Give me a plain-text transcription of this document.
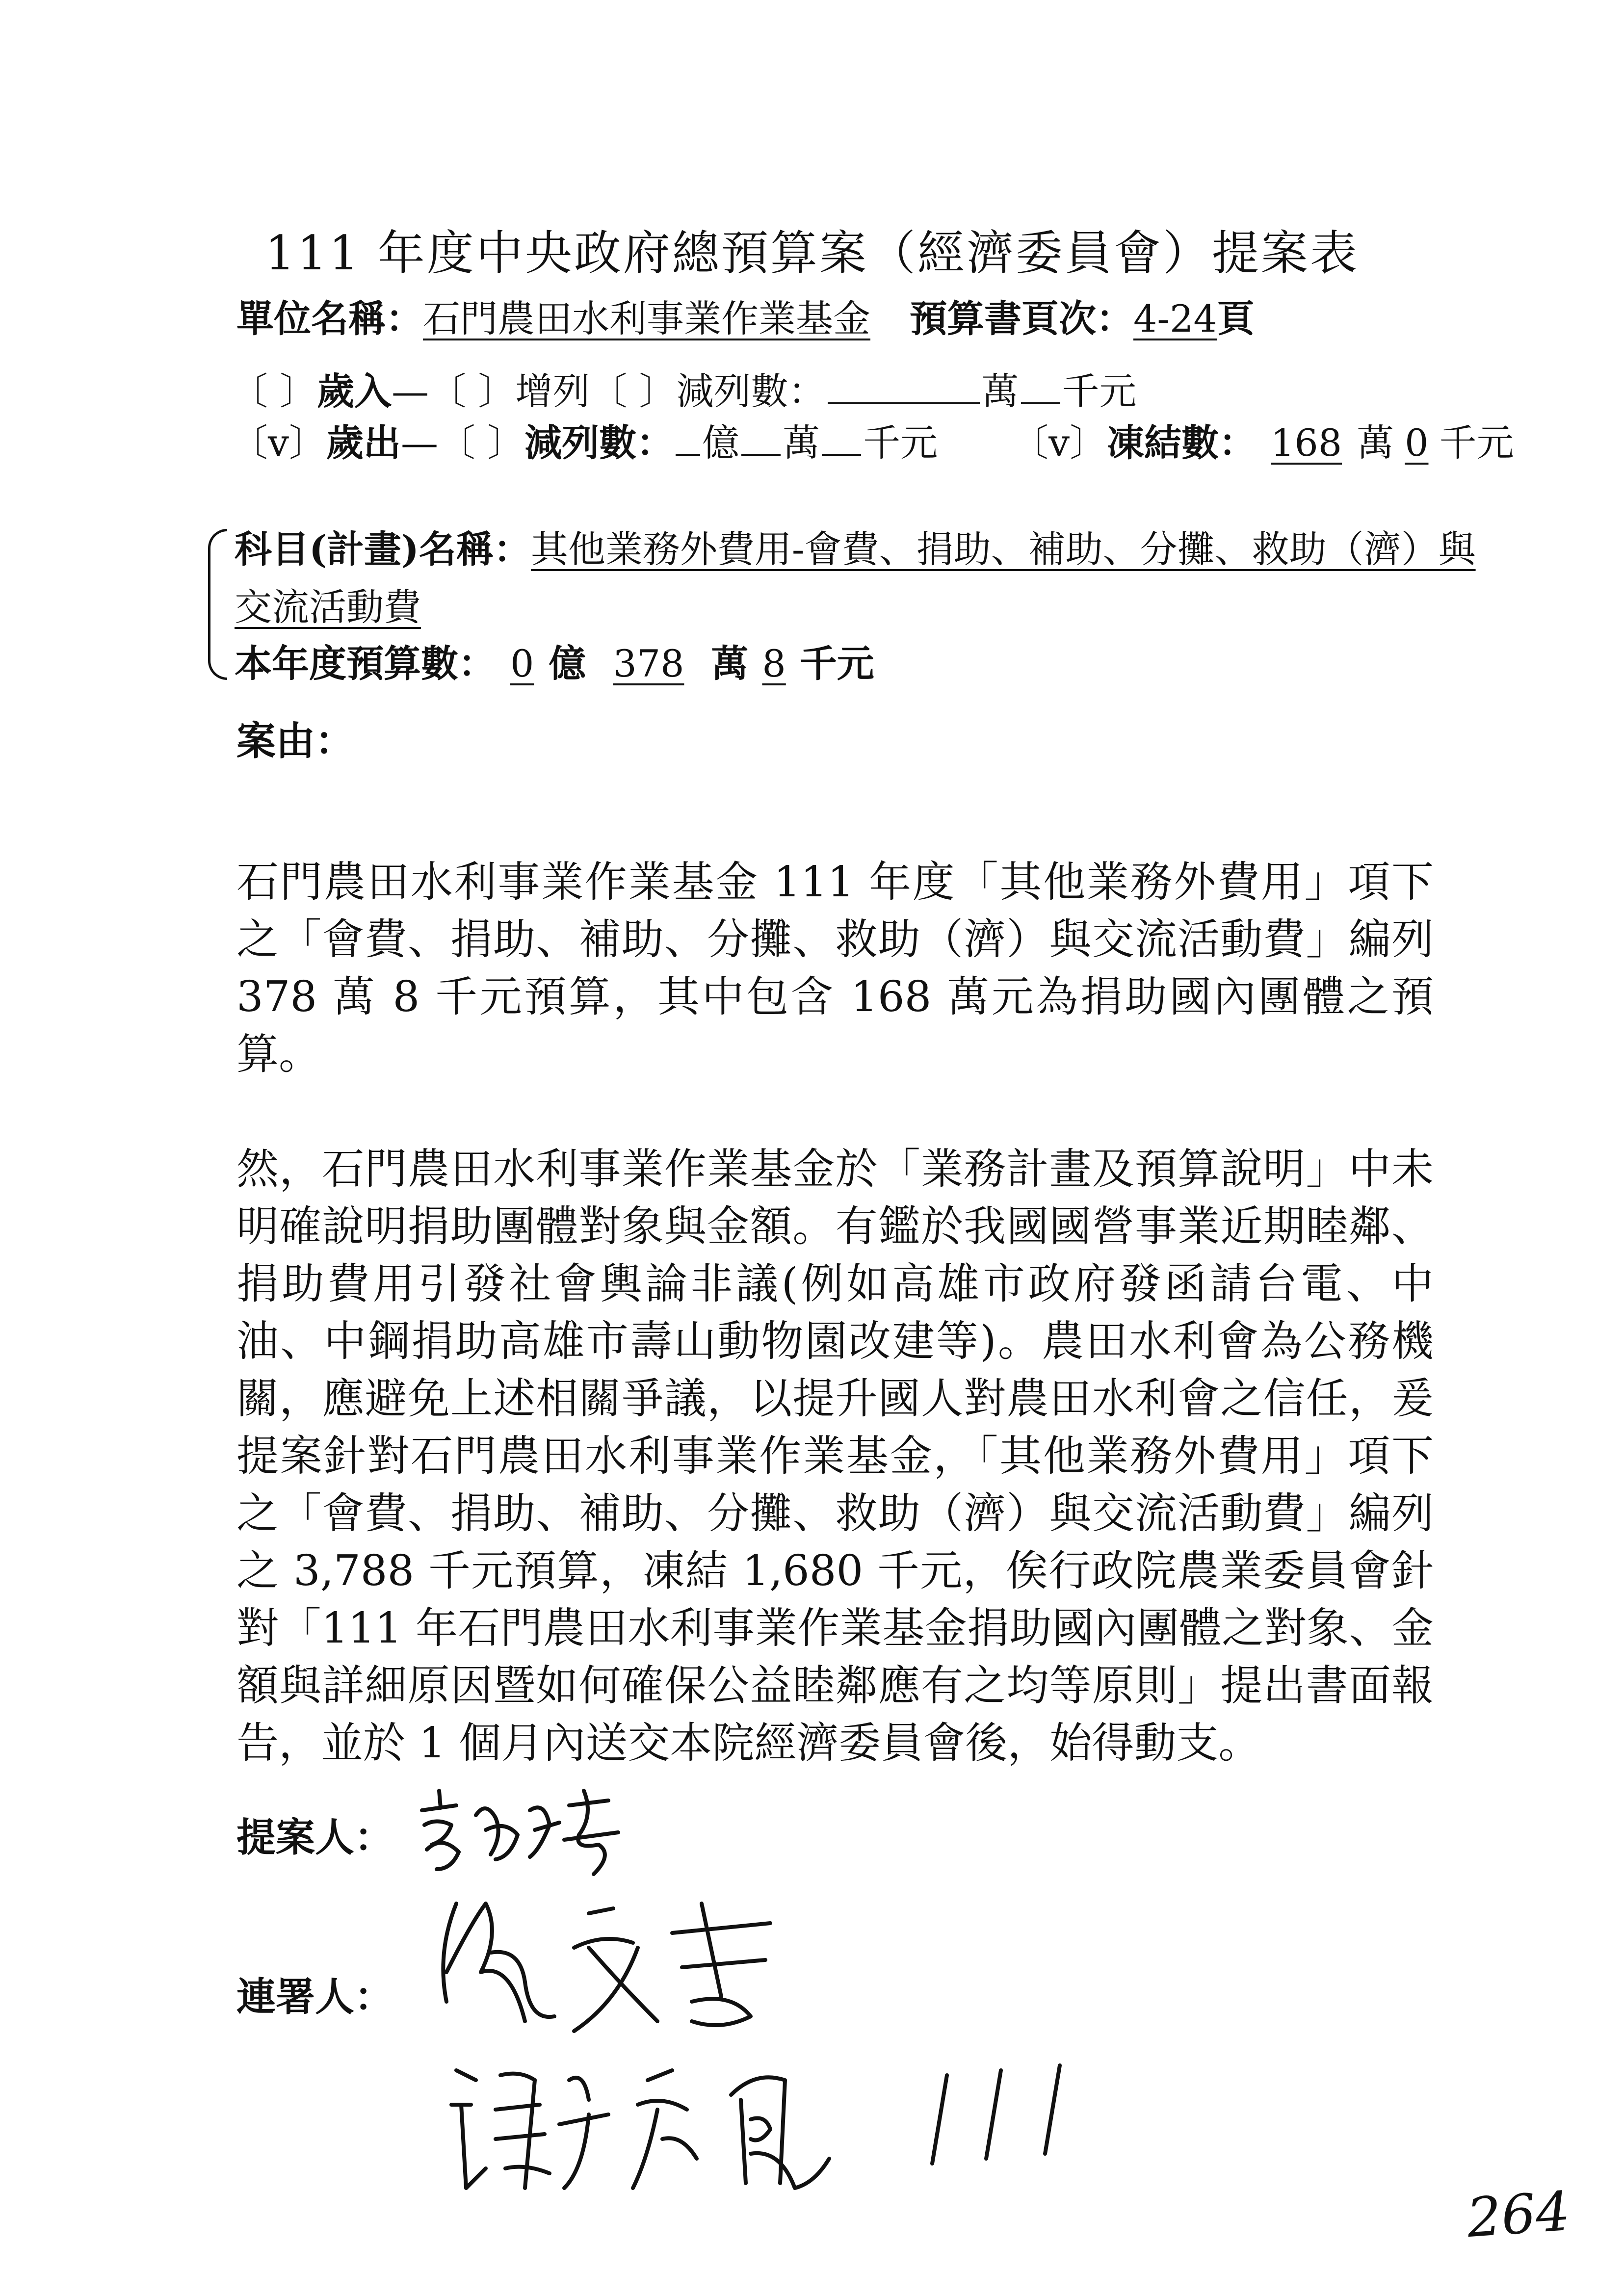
111 年度中央政府總預算案（經濟委員會）提案表
單位名稱：石門農田水利事業作業基金 預算書頁次：4-24頁
〔 〕歲入—〔 〕增列〔 〕減列數：	萬 千元
〔v〕歲出—〔 〕減列數： 億 萬 千元 〔v〕凍結數： 168 萬 0 千元
科目(計畫)名稱：其他業務外費用-會費、捐助、補助、分攤、救助（濟）與
交流活動費
本年度預算數： 0 億 378 萬 8 千元
案由：
石門農田水利事業作業基金 111 年度「其他業務外費用」項下之「會費、捐助、補助、分攤、救助（濟）與交流活動費」編列 378 萬 8 千元預算，其中包含 168 萬元為捐助國內團體之預算。
然，石門農田水利事業作業基金於「業務計畫及預算說明」中未明確說明捐助團體對象與金額。有鑑於我國國營事業近期睦鄰、捐助費用引發社會輿論非議(例如高雄市政府發函請台電、中油、中鋼捐助高雄市壽山動物園改建等)。農田水利會為公務機關，應避免上述相關爭議，以提升國人對農田水利會之信任，爰提案針對石門農田水利事業作業基金，「其他業務外費用」項下之「會費、捐助、補助、分攤、救助（濟）與交流活動費」編列之 3,788 千元預算，凍結 1,680 千元，俟行政院農業委員會針對「111 年石門農田水利事業作業基金捐助國內團體之對象、金額與詳細原因暨如何確保公益睦鄰應有之均等原則」提出書面報告，並於 1 個月內送交本院經濟委員會後，始得動支。
提案人：
連署人：
264
